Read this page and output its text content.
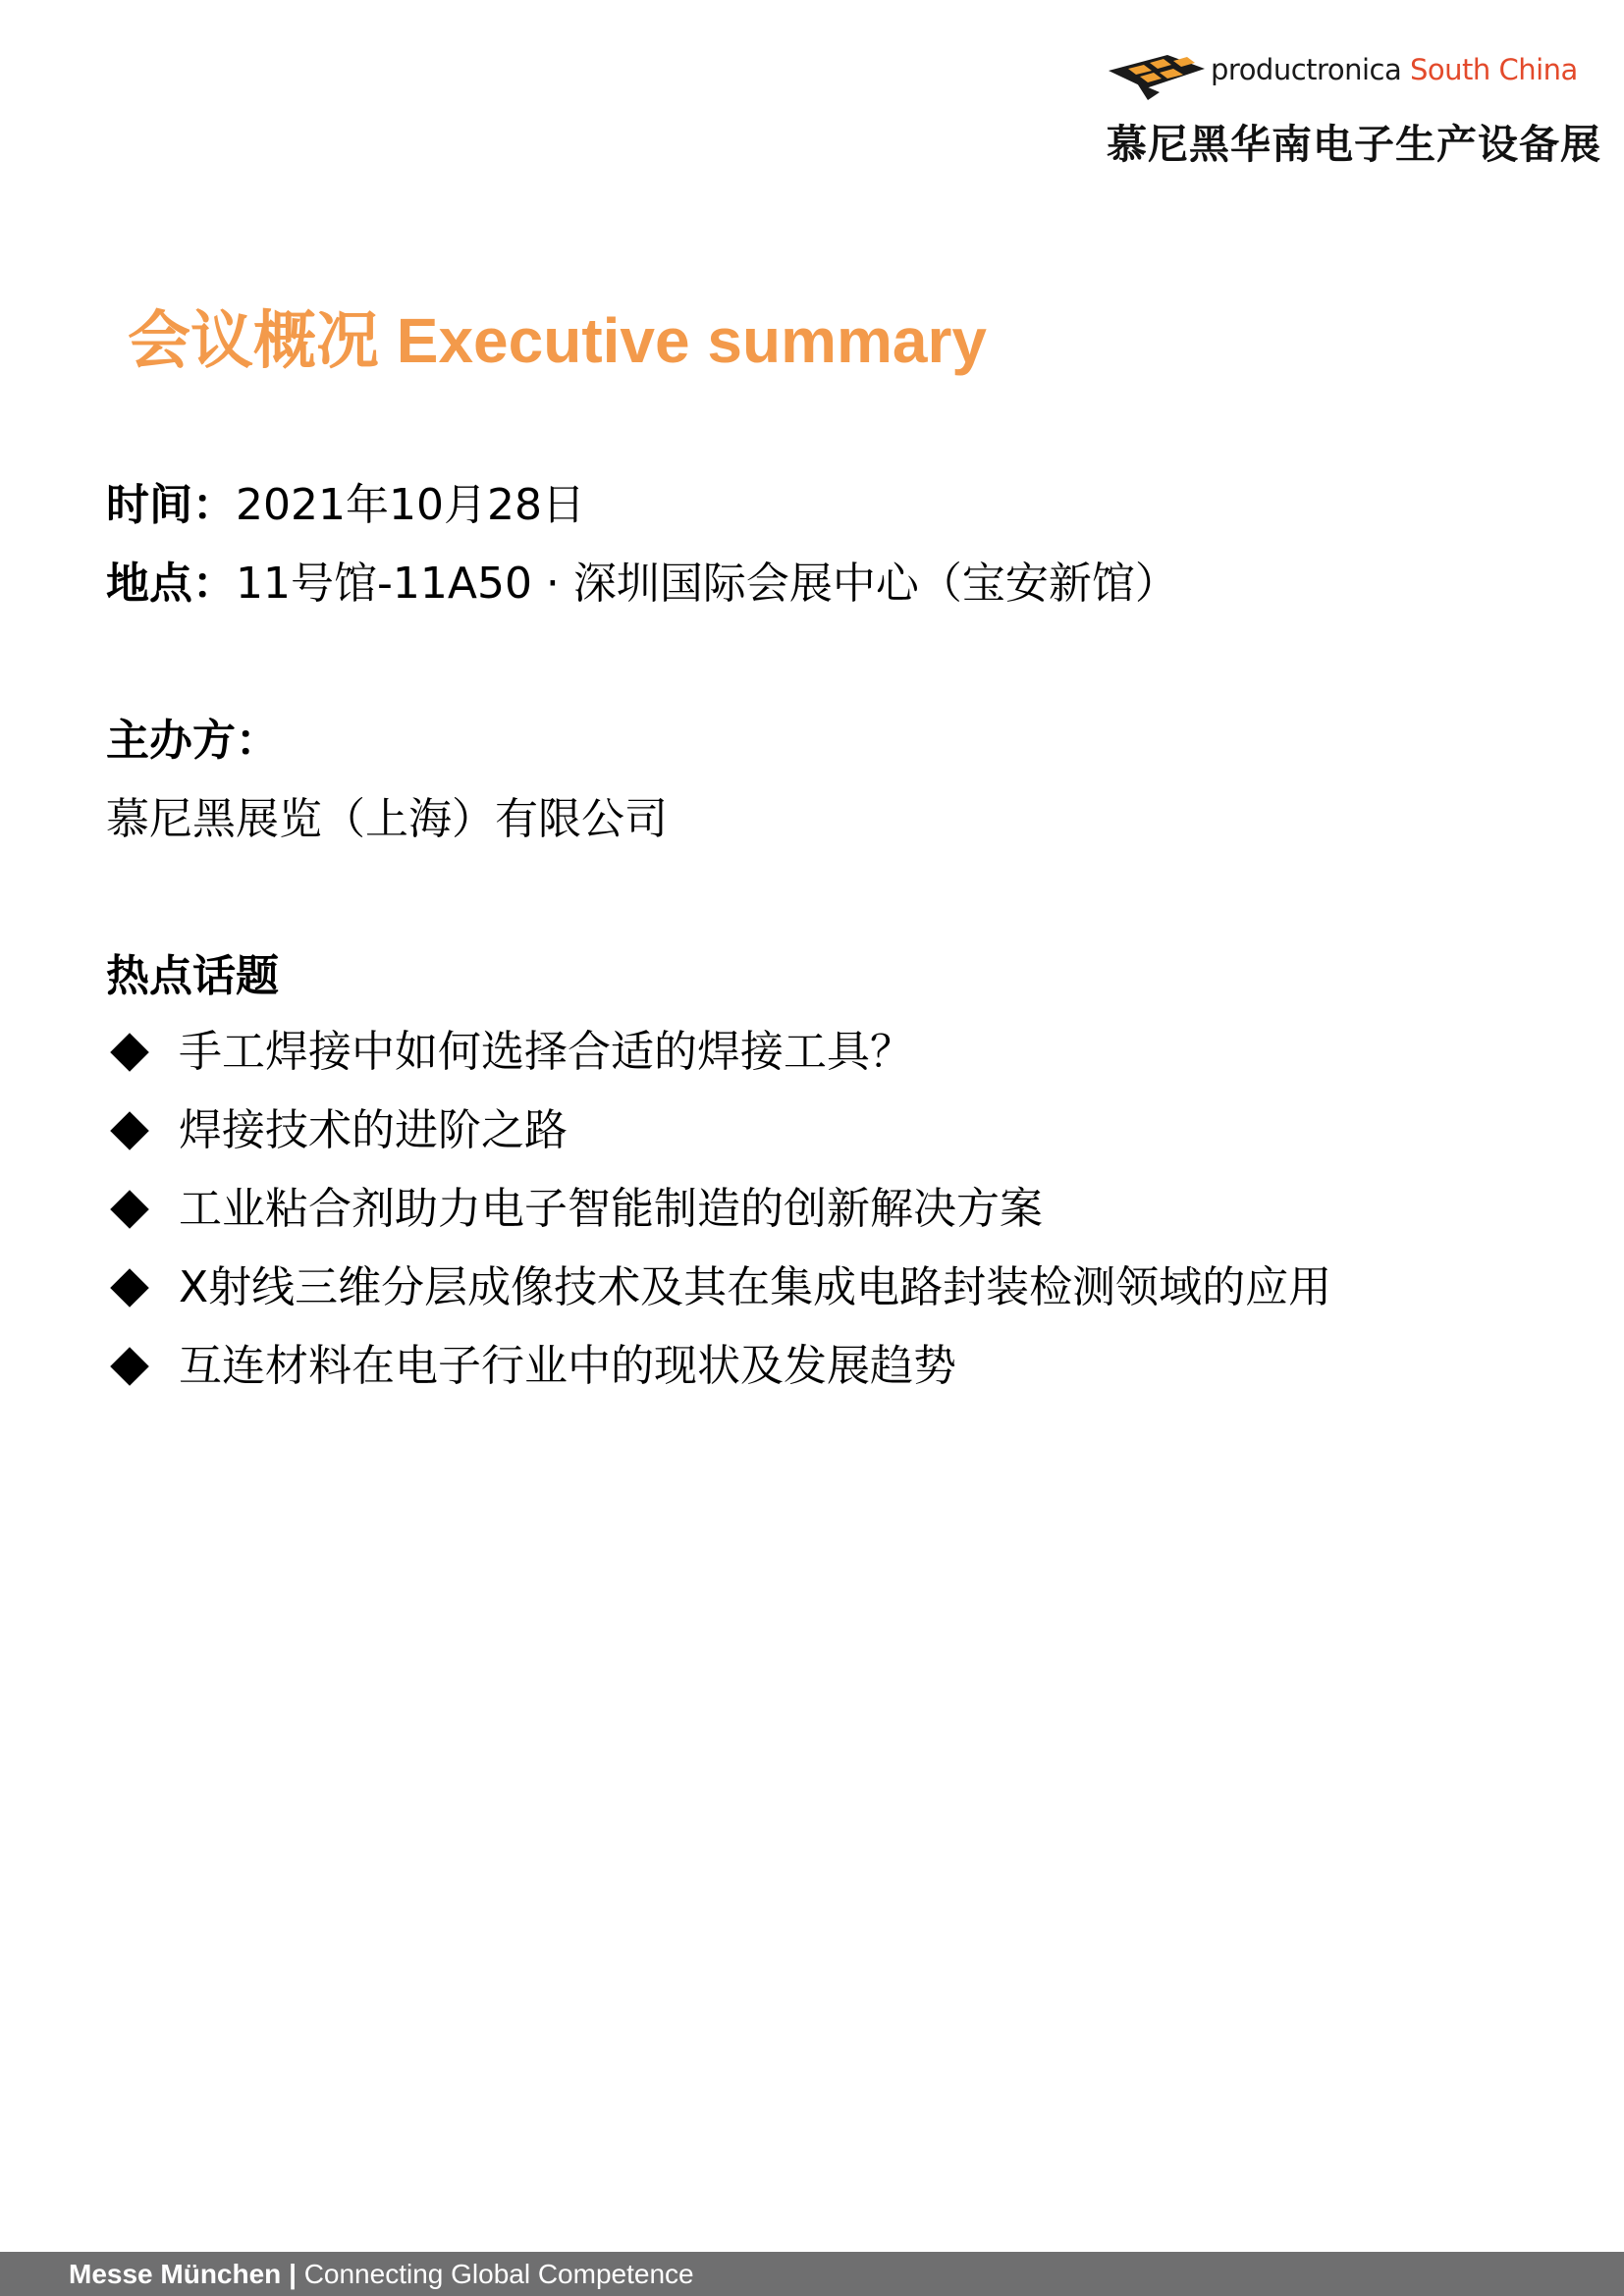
productronica South China
慕尼黑华南电子生产设备展
会议概况 Executive summary
时间：2021年10月28日
地点：11号馆-11A50 · 深圳国际会展中心（宝安新馆）
主办方：
慕尼黑展览（上海）有限公司
热点话题
手工焊接中如何选择合适的焊接工具？
焊接技术的进阶之路
工业粘合剂助力电子智能制造的创新解决方案
X射线三维分层成像技术及其在集成电路封装检测领域的应用
互连材料在电子行业中的现状及发展趋势
Messe München | Connecting Global Competence
